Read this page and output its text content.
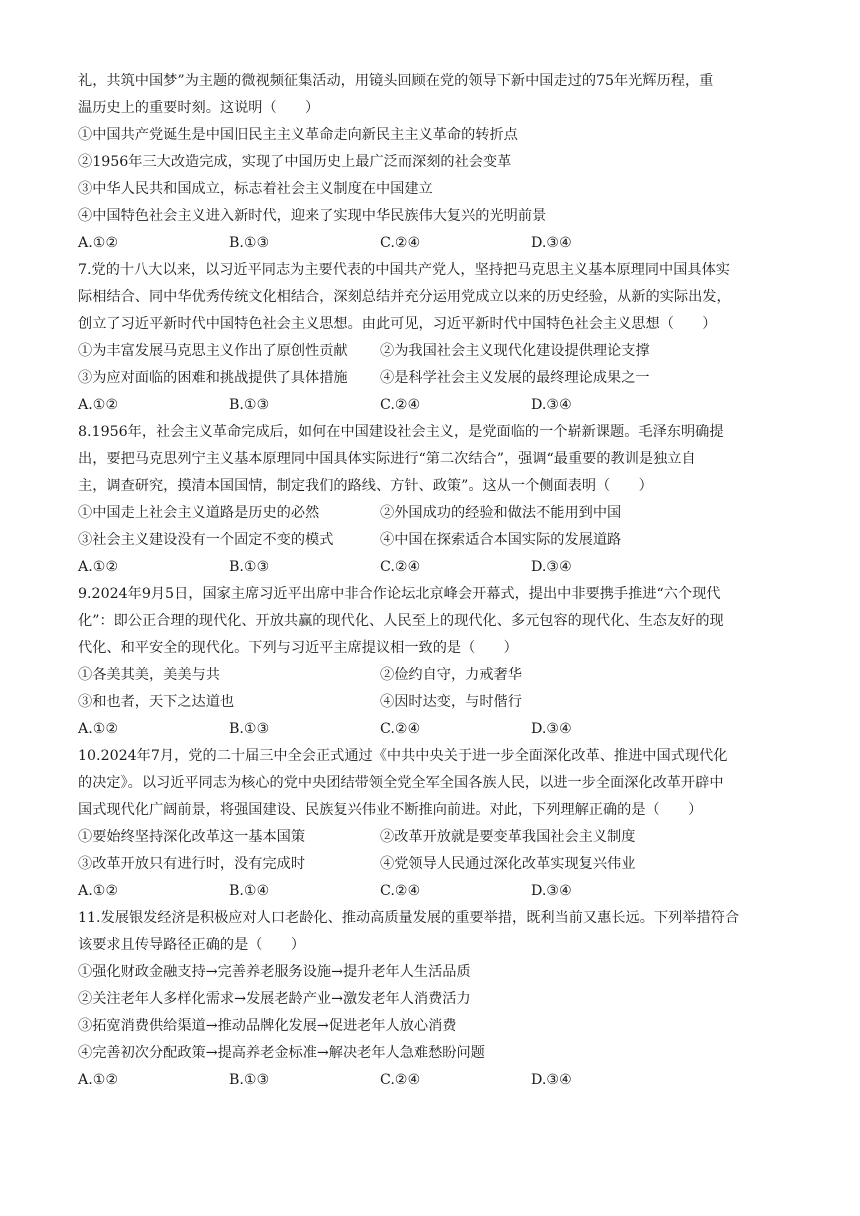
礼，共筑中国梦”为主题的微视频征集活动，用镜头回顾在党的领导下新中国走过的75年光辉历程，重
温历史上的重要时刻。这说明（　　）
①中国共产党诞生是中国旧民主主义革命走向新民主主义革命的转折点
②1956年三大改造完成，实现了中国历史上最广泛而深刻的社会变革
③中华人民共和国成立，标志着社会主义制度在中国建立
④中国特色社会主义进入新时代，迎来了实现中华民族伟大复兴的光明前景
A.①②	B.①③	C.②④	D.③④
7.党的十八大以来，以习近平同志为主要代表的中国共产党人，坚持把马克思主义基本原理同中国具体实
际相结合、同中华优秀传统文化相结合，深刻总结并充分运用党成立以来的历史经验，从新的实际出发，
创立了习近平新时代中国特色社会主义思想。由此可见，习近平新时代中国特色社会主义思想（　　）
①为丰富发展马克思主义作出了原创性贡献	②为我国社会主义现代化建设提供理论支撑
③为应对面临的困难和挑战提供了具体措施	④是科学社会主义发展的最终理论成果之一
A.①②	B.①③	C.②④	D.③④
8.1956年，社会主义革命完成后，如何在中国建设社会主义，是党面临的一个崭新课题。毛泽东明确提
出，要把马克思列宁主义基本原理同中国具体实际进行“第二次结合”，强调“最重要的教训是独立自
主，调查研究，摸清本国国情，制定我们的路线、方针、政策”。这从一个侧面表明（　　）
①中国走上社会主义道路是历史的必然	②外国成功的经验和做法不能用到中国
③社会主义建设没有一个固定不变的模式	④中国在探索适合本国实际的发展道路
A.①②	B.①③	C.②④	D.③④
9.2024年9月5日，国家主席习近平出席中非合作论坛北京峰会开幕式，提出中非要携手推进“六个现代
化”：即公正合理的现代化、开放共赢的现代化、人民至上的现代化、多元包容的现代化、生态友好的现
代化、和平安全的现代化。下列与习近平主席提议相一致的是（　　）
①各美其美，美美与共	②俭约自守，力戒奢华
③和也者，天下之达道也	④因时达变，与时偕行
A.①②	B.①③	C.②④	D.③④
10.2024年7月，党的二十届三中全会正式通过《中共中央关于进一步全面深化改革、推进中国式现代化
的决定》。以习近平同志为核心的党中央团结带领全党全军全国各族人民，以进一步全面深化改革开辟中
国式现代化广阔前景，将强国建设、民族复兴伟业不断推向前进。对此，下列理解正确的是（　　）
①要始终坚持深化改革这一基本国策	②改革开放就是要变革我国社会主义制度
③改革开放只有进行时，没有完成时	④党领导人民通过深化改革实现复兴伟业
A.①②	B.①④	C.②④	D.③④
11.发展银发经济是积极应对人口老龄化、推动高质量发展的重要举措，既利当前又惠长远。下列举措符合
该要求且传导路径正确的是（　　）
①强化财政金融支持→完善养老服务设施→提升老年人生活品质
②关注老年人多样化需求→发展老龄产业→激发老年人消费活力
③拓宽消费供给渠道→推动品牌化发展→促进老年人放心消费
④完善初次分配政策→提高养老金标准→解决老年人急难愁盼问题
A.①②	B.①③	C.②④	D.③④
